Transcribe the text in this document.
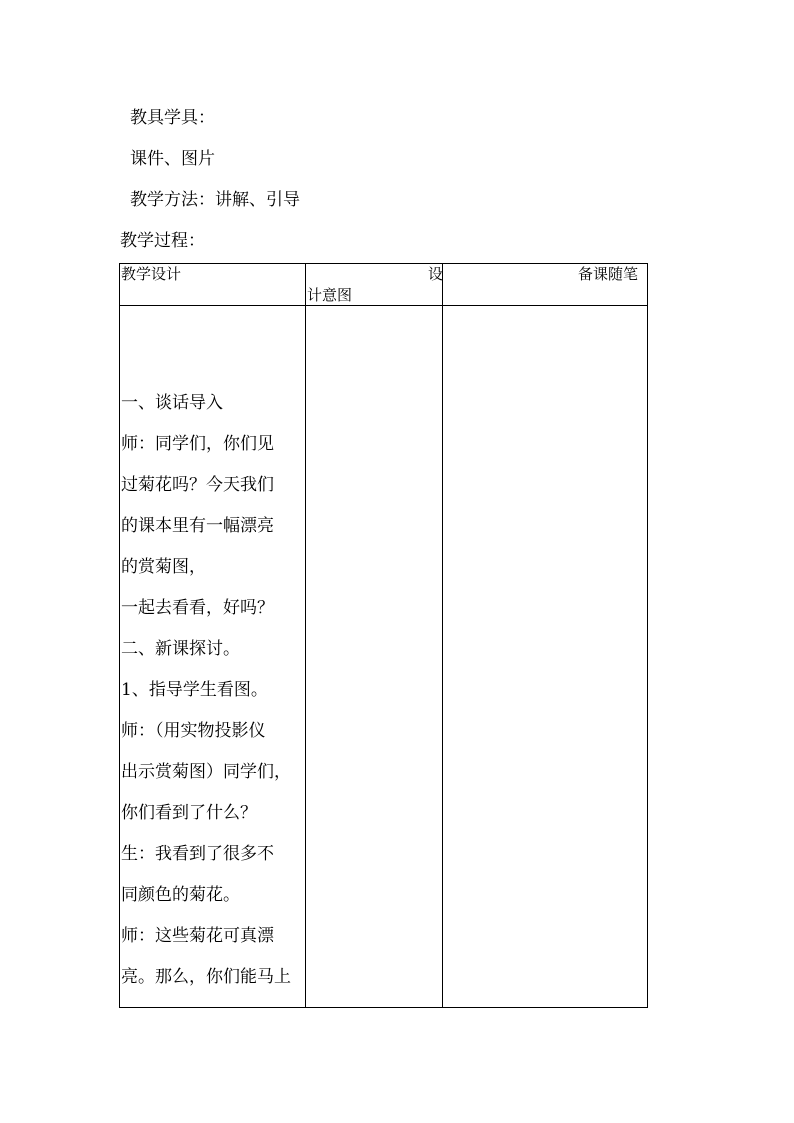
教具学具：
课件、图片
教学方法：讲解、引导
教学过程：
教学设计	设
计意图
备课随笔
一、谈话导入
师：同学们，你们见
过菊花吗？今天我们
的课本里有一幅漂亮
的赏菊图，
一起去看看，好吗？
二、新课探讨。
1、指导学生看图。
师：（用实物投影仪
出示赏菊图）同学们，
你们看到了什么？
生：我看到了很多不
同颜色的菊花。
师：这些菊花可真漂
亮。那么，你们能马上
